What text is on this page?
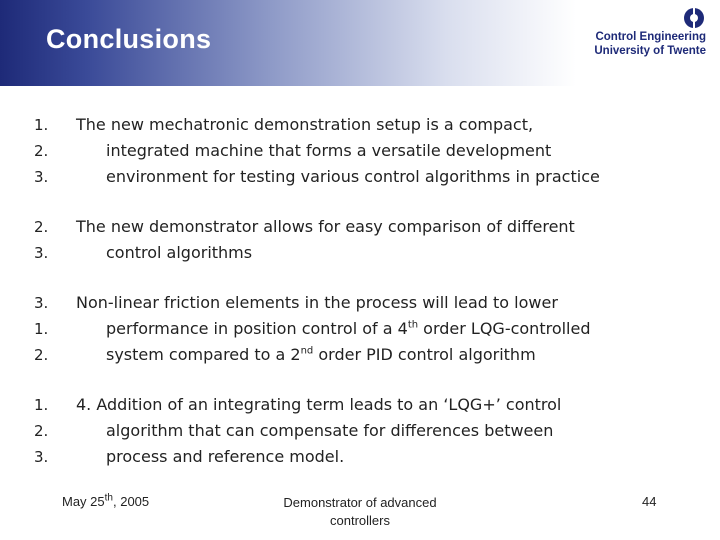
Conclusions	Control Engineering
University of Twente
1.
2.
3.
The new mechatronic demonstration setup is a compact,
integrated machine that forms a versatile development
environment for testing various control algorithms in practice
2.
3.
The new demonstrator allows for easy comparison of different
control algorithms
3.
1.
2.
Non-linear friction elements in the process will lead to lower
performance in position control of a 4th order LQG-controlled
system compared to a 2nd order PID control algorithm
1.
2.
3.
4. Addition of an integrating term leads to an ‘LQG+’ control
algorithm that can compensate for differences between
process and reference model.
May 25th, 2005	Demonstrator of advanced
controllers
44
